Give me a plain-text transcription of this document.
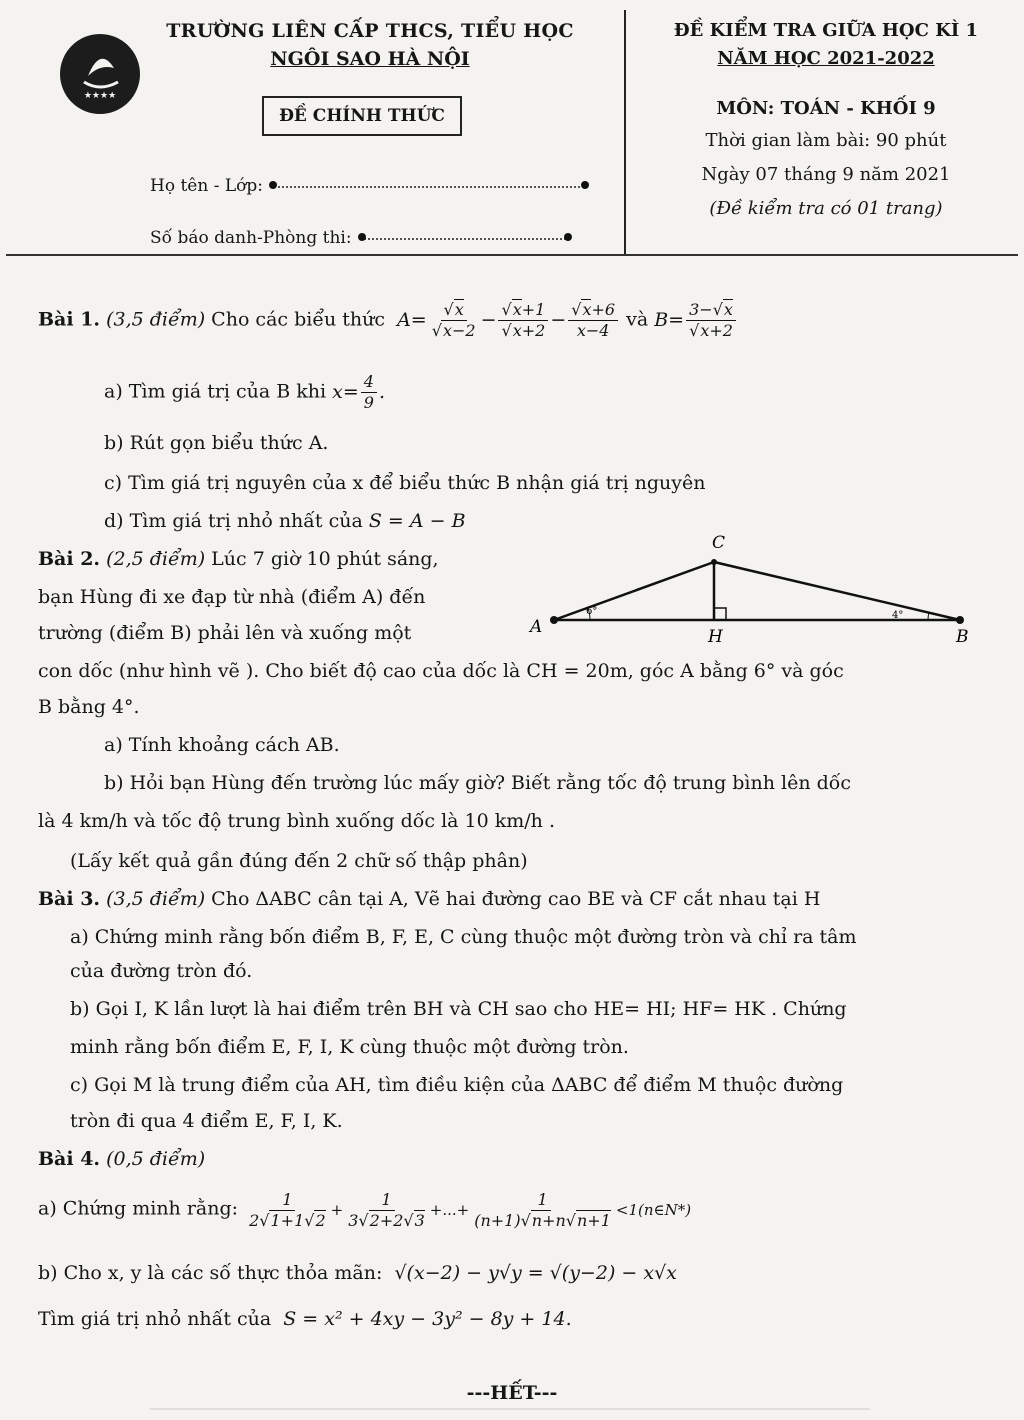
★★★★
TRƯỜNG LIÊN CẤP THCS, TIỂU HỌC
NGÔI SAO HÀ NỘI
ĐỀ CHÍNH THỨC
Họ tên - Lớp:
Số báo danh-Phòng thi:
ĐỀ KIỂM TRA GIỮA HỌC KÌ 1
NĂM HỌC 2021-2022
MÔN: TOÁN - KHỐI 9
Thời gian làm bài: 90 phút
Ngày 07 tháng 9 năm 2021
(Đề kiểm tra có 01 trang)
Bài 1. (3,5 điểm) Cho các biểu thức $A= \frac{√x}{√x-2} - \frac{√x+1}{√x+2} - \frac{√x+6}{x-4}$ và $B= \frac{3-√x}{√x+2}$
a) Tìm giá trị của B khi $x= \frac{4}{9}$ .
b) Rút gọn biểu thức A.
c) Tìm giá trị nguyên của x để biểu thức B nhận giá trị nguyên
d) Tìm giá trị nhỏ nhất của S = A − B
Bài 2. (2,5 điểm) Lúc 7 giờ 10 phút sáng,
bạn Hùng đi xe đạp từ nhà (điểm A) đến
trường (điểm B) phải lên và xuống một
C
A	H	B
6°	4°
con dốc (như hình vẽ ). Cho biết độ cao của dốc là CH = 20m, góc A bằng 6° và góc
B bằng 4°.
a) Tính khoảng cách AB.
b) Hỏi bạn Hùng đến trường lúc mấy giờ? Biết rằng tốc độ trung bình lên dốc
là 4 km/h và tốc độ trung bình xuống dốc là 10 km/h .
(Lấy kết quả gần đúng đến 2 chữ số thập phân)
Bài 3. (3,5 điểm) Cho ΔABC cân tại A, Vẽ hai đường cao BE và CF cắt nhau tại H
a) Chứng minh rằng bốn điểm B, F, E, C cùng thuộc một đường tròn và chỉ ra tâm
của đường tròn đó.
b) Gọi I, K lần lượt là hai điểm trên BH và CH sao cho HE= HI; HF= HK . Chứng
minh rằng bốn điểm E, F, I, K cùng thuộc một đường tròn.
c) Gọi M là trung điểm của AH, tìm điều kiện của ΔABC để điểm M thuộc đường
tròn đi qua 4 điểm E, F, I, K.
Bài 4. (0,5 điểm)
a) Chứng minh rằng: $\frac{1}{2√1+1√2} + \frac{1}{3√2+2√3}$ +...+ $\frac{1}{(n+1)√n+n√n+1}$ <1(n∈N*)
b) Cho x, y là các số thực thỏa mãn: √(x−2) − y√y = √(y−2) − x√x
Tìm giá trị nhỏ nhất của S = x² + 4xy − 3y² − 8y + 14.
---HẾT---
